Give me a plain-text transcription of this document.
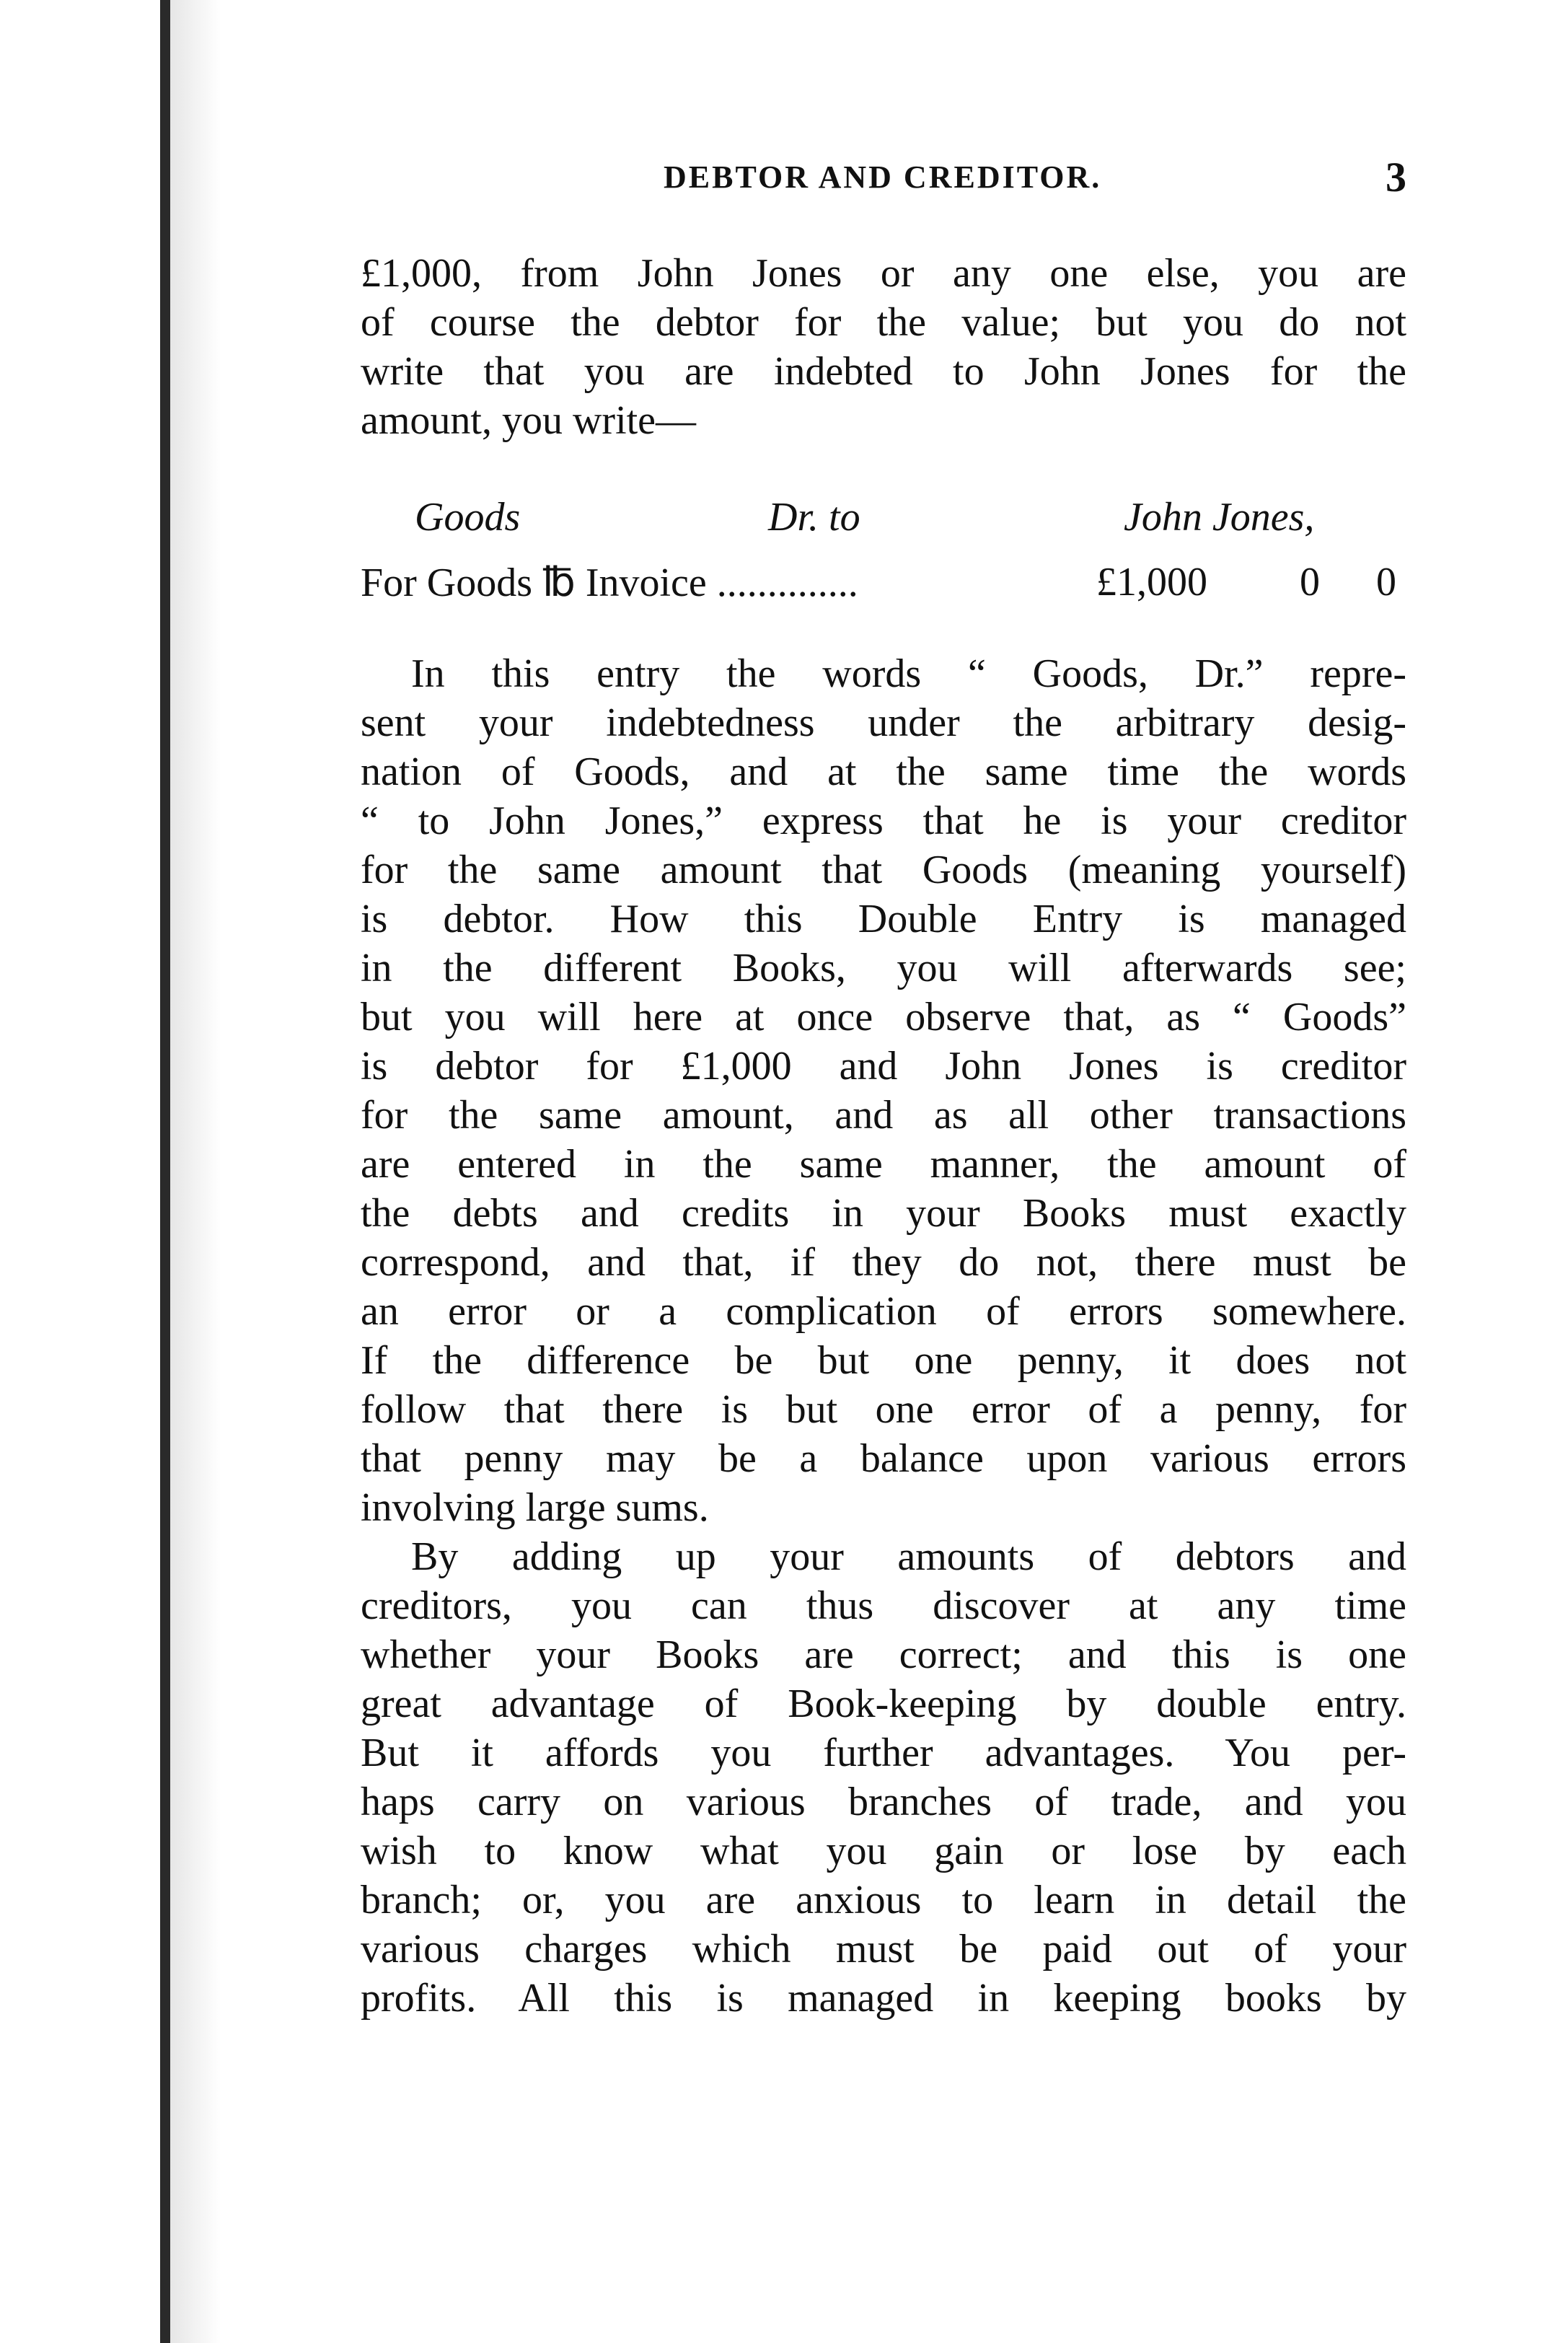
DEBTOR AND CREDITOR.	3

£1,000, from John Jones or any one else, you are

of course the debtor for the value; but you do not

write that you are indebted to John Jones for the

amount, you write—

Goods	Dr. to	John Jones,
For Goods ℔ Invoice ..............	£1,000 0 0

In this entry the words “ Goods, Dr.” repre-

sent your indebtedness under the arbitrary desig-

nation of Goods, and at the same time the words

“ to John Jones,” express that he is your creditor

for the same amount that Goods (meaning yourself)

is debtor. How this Double Entry is managed

in the different Books, you will afterwards see;

but you will here at once observe that, as “ Goods”

is debtor for £1,000 and John Jones is creditor

for the same amount, and as all other transactions

are entered in the same manner, the amount of

the debts and credits in your Books must exactly

correspond, and that, if they do not, there must be

an error or a complication of errors somewhere.

If the difference be but one penny, it does not

follow that there is but one error of a penny, for

that penny may be a balance upon various errors

involving large sums.

By adding up your amounts of debtors and

creditors, you can thus discover at any time

whether your Books are correct; and this is one

great advantage of Book-keeping by double entry.

But it affords you further advantages. You per-

haps carry on various branches of trade, and you

wish to know what you gain or lose by each

branch; or, you are anxious to learn in detail the

various charges which must be paid out of your

profits. All this is managed in keeping books by
